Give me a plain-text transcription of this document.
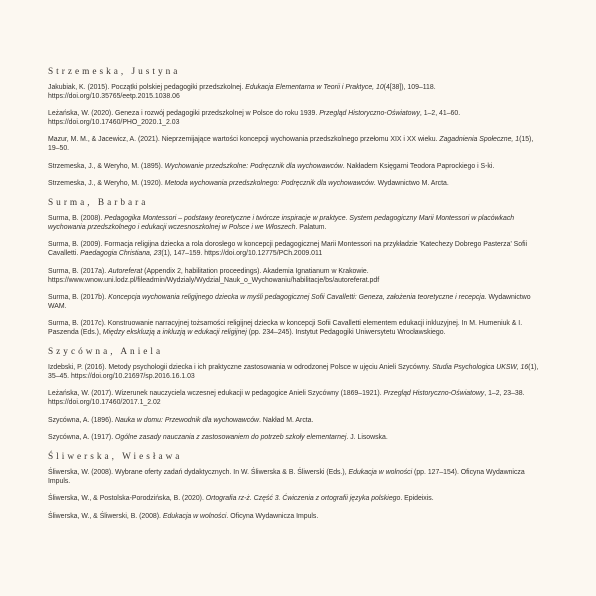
Strzemeska, Justyna
Jakubiak, K. (2015). Początki polskiej pedagogiki przedszkolnej. Edukacja Elementarna w Teorii i Praktyce, 10(4[38]), 109–118. https://doi.org/10.35765/eetp.2015.1038.06
Leżańska, W. (2020). Geneza i rozwój pedagogiki przedszkolnej w Polsce do roku 1939. Przegląd Historyczno-Oświatowy, 1–2, 41–60. https://doi.org/10.17460/PHO_2020.1_2.03
Mazur, M. M., & Jacewicz, A. (2021). Nieprzemijające wartości koncepcji wychowania przedszkolnego przełomu XIX i XX wieku. Zagadnienia Społeczne, 1(15), 19–50.
Strzemeska, J., & Weryho, M. (1895). Wychowanie przedszkolne: Podręcznik dla wychowawców. Nakładem Księgarni Teodora Paprockiego i S-ki.
Strzemeska, J., & Weryho, M. (1920). Metoda wychowania przedszkolnego: Podręcznik dla wychowawców. Wydawnictwo M. Arcta.
Surma, Barbara
Surma, B. (2008). Pedagogika Montessori – podstawy teoretyczne i twórcze inspiracje w praktyce. System pedagogiczny Marii Montessori w placówkach wychowania przedszkolnego i edukacji wczesnoszkolnej w Polsce i we Włoszech. Palatum.
Surma, B. (2009). Formacja religijna dziecka a rola dorosłego w koncepcji pedagogicznej Marii Montessori na przykładzie 'Katechezy Dobrego Pasterza' Sofii Cavalletti. Paedagogia Christiana, 23(1), 147–159. https://doi.org/10.12775/PCh.2009.011
Surma, B. (2017a). Autoreferat (Appendix 2, habilitation proceedings). Akademia Ignatianum w Krakowie. https://www.wnow.uni.lodz.pl/fileadmin/Wydzialy/Wydzial_Nauk_o_Wychowaniu/habilitacje/bs/autoreferat.pdf
Surma, B. (2017b). Koncepcja wychowania religijnego dziecka w myśli pedagogicznej Sofii Cavalletti: Geneza, założenia teoretyczne i recepcja. Wydawnictwo WAM.
Surma, B. (2017c). Konstruowanie narracyjnej tożsamości religijnej dziecka w koncepcji Sofii Cavalletti elementem edukacji inkluzyjnej. In M. Humeniuk & I. Paszenda (Eds.), Między ekskluzją a inkluzją w edukacji religijnej (pp. 234–245). Instytut Pedagogiki Uniwersytetu Wrocławskiego.
Szycówna, Aniela
Izdebski, P. (2016). Metody psychologii dziecka i ich praktyczne zastosowania w odrodzonej Polsce w ujęciu Anieli Szycówny. Studia Psychologica UKSW, 16(1), 35–45. https://doi.org/10.21697/sp.2016.16.1.03
Leżańska, W. (2017). Wizerunek nauczyciela wczesnej edukacji w pedagogice Anieli Szycówny (1869–1921). Przegląd Historyczno-Oświatowy, 1–2, 23–38. https://doi.org/10.17460/2017.1_2.02
Szycówna, A. (1896). Nauka w domu: Przewodnik dla wychowawców. Nakład M. Arcta.
Szycówna, A. (1917). Ogólne zasady nauczania z zastosowaniem do potrzeb szkoły elementarnej. J. Lisowska.
Śliwerska, Wiesława
Śliwerska, W. (2008). Wybrane oferty zadań dydaktycznych. In W. Śliwerska & B. Śliwerski (Eds.), Edukacja w wolności (pp. 127–154). Oficyna Wydawnicza Impuls.
Śliwerska, W., & Postolska-Porodzińska, B. (2020). Ortografia rz-ż. Część 3. Ćwiczenia z ortografii języka polskiego. Epideixis.
Śliwerska, W., & Śliwerski, B. (2008). Edukacja w wolności. Oficyna Wydawnicza Impuls.
